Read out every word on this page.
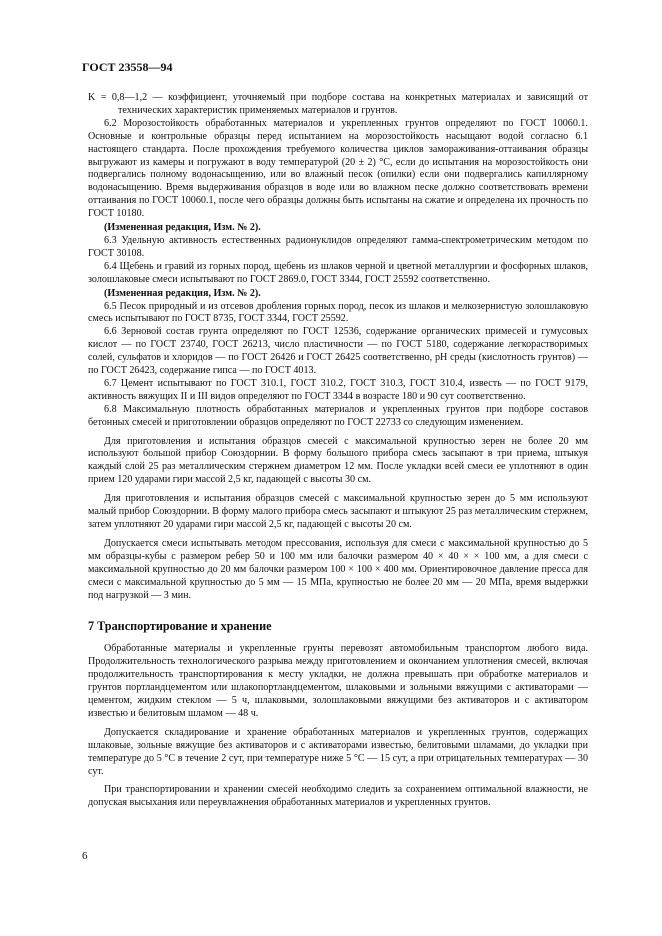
ГОСТ 23558—94

K = 0,8—1,2 — коэффициент, уточняемый при подборе состава на конкретных материалах и зависящий от технических характеристик применяемых материалов и грунтов.

6.2 Морозостойкость обработанных материалов и укрепленных грунтов определяют по ГОСТ 10060.1. Основные и контрольные образцы перед испытанием на морозостойкость насыщают водой согласно 6.1 настоящего стандарта. После прохождения требуемого количества циклов замораживания-оттаивания образцы выгружают из камеры и погружают в воду температурой (20 ± 2) °С, если до испытания на морозостойкость они подвергались полному водонасыщению, или во влажный песок (опилки) если они подвергались капиллярному водонасыщению. Время выдерживания образцов в воде или во влажном песке должно соответствовать времени оттаивания по ГОСТ 10060.1, после чего образцы должны быть испытаны на сжатие и определена их прочность по ГОСТ 10180.

(Измененная редакция, Изм. № 2).

6.3 Удельную активность естественных радионуклидов определяют гамма-спектрометрическим методом по ГОСТ 30108.

6.4 Щебень и гравий из горных пород, щебень из шлаков черной и цветной металлургии и фосфорных шлаков, золошлаковые смеси испытывают по ГОСТ 2869.0, ГОСТ 3344, ГОСТ 25592 соответственно.

(Измененная редакция, Изм. № 2).

6.5 Песок природный и из отсевов дробления горных пород, песок из шлаков и мелкозернистую золошлаковую смесь испытывают по ГОСТ 8735, ГОСТ 3344, ГОСТ 25592.

6.6 Зерновой состав грунта определяют по ГОСТ 12536, содержание органических примесей и гумусовых кислот — по ГОСТ 23740, ГОСТ 26213, число пластичности — по ГОСТ 5180, содержание легкорастворимых солей, сульфатов и хлоридов — по ГОСТ 26426 и ГОСТ 26425 соответственно, рН среды (кислотность грунтов) — по ГОСТ 26423, содержание гипса — по ГОСТ 4013.

6.7 Цемент испытывают по ГОСТ 310.1, ГОСТ 310.2, ГОСТ 310.3, ГОСТ 310.4, известь — по ГОСТ 9179, активность вяжущих II и III видов определяют по ГОСТ 3344 в возрасте 180 и 90 сут соответственно.

6.8 Максимальную плотность обработанных материалов и укрепленных грунтов при подборе составов бетонных смесей и приготовлении образцов определяют по ГОСТ 22733 со следующим изменением.

Для приготовления и испытания образцов смесей с максимальной крупностью зерен не более 20 мм используют большой прибор Союздорнии. В форму большого прибора смесь засыпают в три приема, штыкуя каждый слой 25 раз металлическим стержнем диаметром 12 мм. После укладки всей смеси ее уплотняют в один прием 120 ударами гири массой 2,5 кг, падающей с высоты 30 см.

Для приготовления и испытания образцов смесей с максимальной крупностью зерен до 5 мм используют малый прибор Союздорнии. В форму малого прибора смесь засыпают и штыкуют 25 раз металлическим стержнем, затем уплотняют 20 ударами гири массой 2,5 кг, падающей с высоты 20 см.

Допускается смеси испытывать методом прессования, используя для смеси с максимальной крупностью до 5 мм образцы-кубы с размером ребер 50 и 100 мм или балочки размером 40 × 40 × × 100 мм, а для смеси с максимальной крупностью до 20 мм балочки размером 100 × 100 × 400 мм. Ориентировочное давление пресса для смеси с максимальной крупностью до 5 мм — 15 МПа, крупностью не более 20 мм — 20 МПа, время выдержки под нагрузкой — 3 мин.

7 Транспортирование и хранение

Обработанные материалы и укрепленные грунты перевозят автомобильным транспортом любого вида. Продолжительность технологического разрыва между приготовлением и окончанием уплотнения смесей, включая продолжительность транспортирования к месту укладки, не должна превышать при обработке материалов и грунтов портландцементом или шлакопортландцементом, шлаковыми и зольными вяжущими с активаторами — цементом, жидким стеклом — 5 ч, шлаковыми, золошлаковыми вяжущими без активаторов и с активатором известью и белитовым шламом — 48 ч.

Допускается складирование и хранение обработанных материалов и укрепленных грунтов, содержащих шлаковые, зольные вяжущие без активаторов и с активаторами известью, белитовыми шламами, до укладки при температуре до 5 °С в течение 2 сут, при температуре ниже 5 °С — 15 сут, а при отрицательных температурах — 30 сут.

При транспортировании и хранении смесей необходимо следить за сохранением оптимальной влажности, не допуская высыхания или переувлажнения обработанных материалов и укрепленных грунтов.

6
